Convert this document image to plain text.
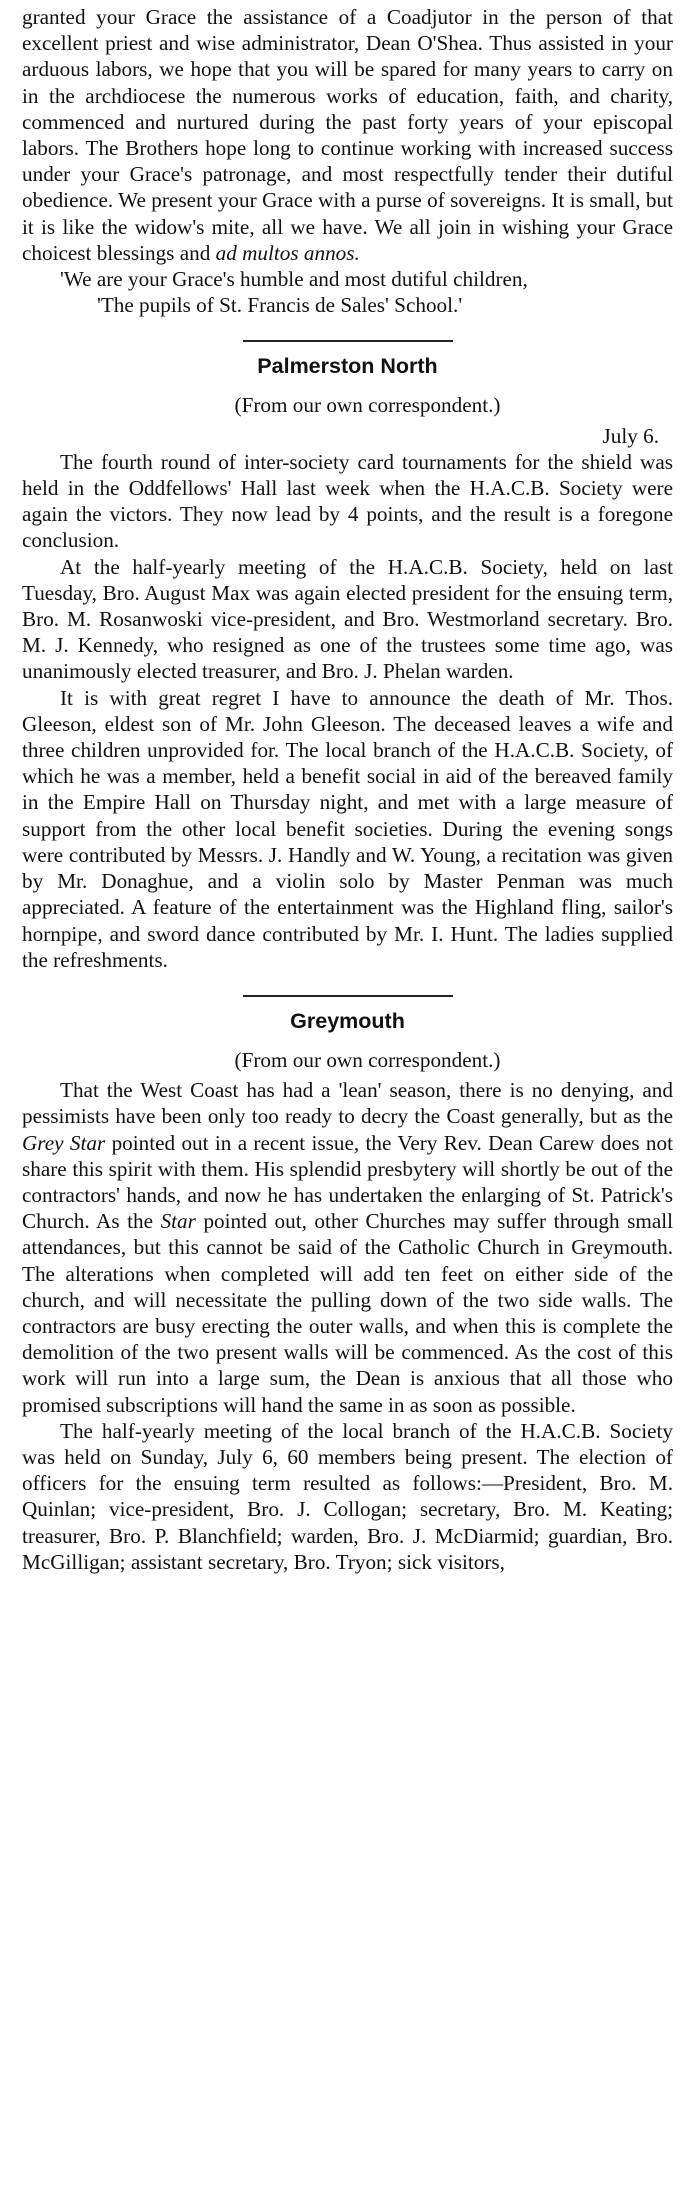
granted your Grace the assistance of a Coadjutor in the person of that excellent priest and wise administrator, Dean O'Shea. Thus assisted in your arduous labors, we hope that you will be spared for many years to carry on in the archdiocese the numerous works of education, faith, and charity, commenced and nurtured during the past forty years of your episcopal labors. The Brothers hope long to continue working with increased success under your Grace's patronage, and most respectfully tender their dutiful obedience. We present your Grace with a purse of sovereigns. It is small, but it is like the widow's mite, all we have. We all join in wishing your Grace choicest blessings and ad multos annos.

'We are your Grace's humble and most dutiful children,

'The pupils of St. Francis de Sales' School.'

Palmerston North

(From our own correspondent.)

July 6.

The fourth round of inter-society card tournaments for the shield was held in the Oddfellows' Hall last week when the H.A.C.B. Society were again the victors. They now lead by 4 points, and the result is a foregone conclusion.

At the half-yearly meeting of the H.A.C.B. Society, held on last Tuesday, Bro. August Max was again elected president for the ensuing term, Bro. M. Rosanwoski vice-president, and Bro. Westmorland secretary. Bro. M. J. Kennedy, who resigned as one of the trustees some time ago, was unanimously elected treasurer, and Bro. J. Phelan warden.

It is with great regret I have to announce the death of Mr. Thos. Gleeson, eldest son of Mr. John Gleeson. The deceased leaves a wife and three children unprovided for. The local branch of the H.A.C.B. Society, of which he was a member, held a benefit social in aid of the bereaved family in the Empire Hall on Thursday night, and met with a large measure of support from the other local benefit societies. During the evening songs were contributed by Messrs. J. Handly and W. Young, a recitation was given by Mr. Donaghue, and a violin solo by Master Penman was much appreciated. A feature of the entertainment was the Highland fling, sailor's hornpipe, and sword dance contributed by Mr. I. Hunt. The ladies supplied the refreshments.

Greymouth

(From our own correspondent.)

That the West Coast has had a 'lean' season, there is no denying, and pessimists have been only too ready to decry the Coast generally, but as the Grey Star pointed out in a recent issue, the Very Rev. Dean Carew does not share this spirit with them. His splendid presbytery will shortly be out of the contractors' hands, and now he has undertaken the enlarging of St. Patrick's Church. As the Star pointed out, other Churches may suffer through small attendances, but this cannot be said of the Catholic Church in Greymouth. The alterations when completed will add ten feet on either side of the church, and will necessitate the pulling down of the two side walls. The contractors are busy erecting the outer walls, and when this is complete the demolition of the two present walls will be commenced. As the cost of this work will run into a large sum, the Dean is anxious that all those who promised subscriptions will hand the same in as soon as possible.

The half-yearly meeting of the local branch of the H.A.C.B. Society was held on Sunday, July 6, 60 members being present. The election of officers for the ensuing term resulted as follows:—President, Bro. M. Quinlan; vice-president, Bro. J. Collogan; secretary, Bro. M. Keating; treasurer, Bro. P. Blanchfield; warden, Bro. J. McDiarmid; guardian, Bro. McGilligan; assistant secretary, Bro. Tryon; sick visitors,
